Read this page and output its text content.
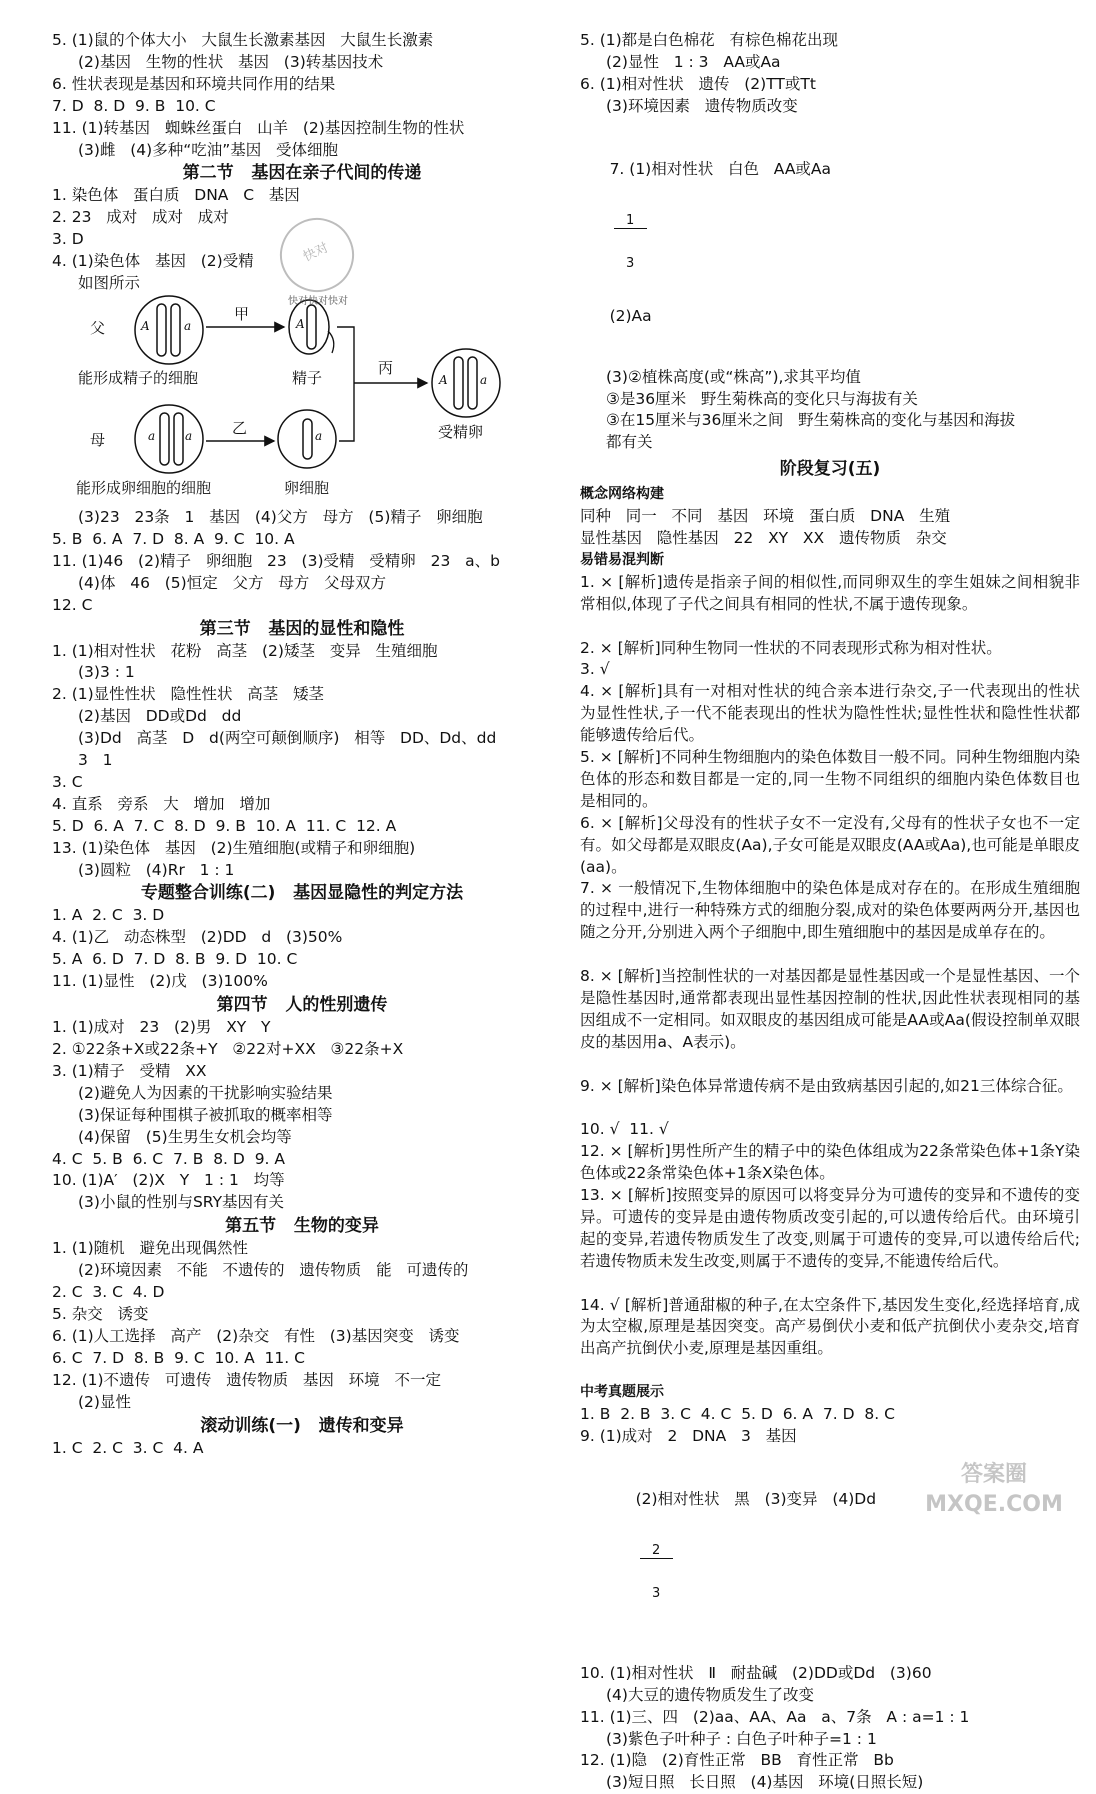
5. (1)鼠的个体大小   大鼠生长激素基因   大鼠生长激素
(2)基因   生物的性状   基因   (3)转基因技术
6. 性状表现是基因和环境共同作用的结果
7. D  8. D  9. B  10. C
11. (1)转基因   蜘蛛丝蛋白   山羊   (2)基因控制生物的性状
(3)雌   (4)多种“吃油”基因   受体细胞
第二节   基因在亲子代间的传递
1. 染色体   蛋白质   DNA   C   基因
2. 23   成对   成对   成对
3. D
4. (1)染色体   基因   (2)受精
如图所示
父
母
甲
乙
丙
A	a	A
a a	a
A	a
能形成精子的细胞	精子
受精卵
能形成卵细胞的细胞	卵细胞
(3)23   23条   1   基因   (4)父方   母方   (5)精子   卵细胞
5. B  6. A  7. D  8. A  9. C  10. A
11. (1)46   (2)精子   卵细胞   23   (3)受精   受精卵   23   a、b
(4)体   46   (5)恒定   父方   母方   父母双方
12. C
第三节   基因的显性和隐性
1. (1)相对性状   花粉   高茎   (2)矮茎   变异   生殖细胞
(3)3 : 1
2. (1)显性性状   隐性性状   高茎   矮茎
(2)基因   DD或Dd   dd
(3)Dd   高茎   D   d(两空可颠倒顺序)   相等   DD、Dd、dd
3   1
3. C
4. 直系   旁系   大   增加   增加
5. D  6. A  7. C  8. D  9. B  10. A  11. C  12. A
13. (1)染色体   基因   (2)生殖细胞(或精子和卵细胞)
(3)圆粒   (4)Rr   1 : 1
专题整合训练(二)   基因显隐性的判定方法
1. A  2. C  3. D
4. (1)乙   动态株型   (2)DD   d   (3)50%
5. A  6. D  7. D  8. B  9. D  10. C
11. (1)显性   (2)戊   (3)100%
第四节   人的性别遗传
1. (1)成对   23   (2)男   XY   Y
2. ①22条+X或22条+Y   ②22对+XX   ③22条+X
3. (1)精子   受精   XX
(2)避免人为因素的干扰影响实验结果
(3)保证每种围棋子被抓取的概率相等
(4)保留   (5)生男生女机会均等
4. C  5. B  6. C  7. B  8. D  9. A
10. (1)A′   (2)X   Y   1 : 1   均等
(3)小鼠的性别与SRY基因有关
第五节   生物的变异
1. (1)随机   避免出现偶然性
(2)环境因素   不能   不遗传的   遗传物质   能   可遗传的
2. C  3. C  4. D
5. 杂交   诱变
6. (1)人工选择   高产   (2)杂交   有性   (3)基因突变   诱变
6. C  7. D  8. B  9. C  10. A  11. C
12. (1)不遗传   可遗传   遗传物质   基因   环境   不一定
(2)显性
滚动训练(一)   遗传和变异
1. C  2. C  3. C  4. A
快对
快对快对快对
5. (1)都是白色棉花   有棕色棉花出现
(2)显性   1 : 3   AA或Aa
6. (1)相对性状   遗传   (2)TT或Tt
(3)环境因素   遗传物质改变

7. (1)相对性状   白色   AA或Aa

$\frac{1}{3}$

(2)Aa

(3)②植株高度(或“株高”),求其平均值
③是36厘米   野生菊株高的变化只与海拔有关
③在15厘米与36厘米之间   野生菊株高的变化与基因和海拔
都有关
阶段复习(五)
概念网络构建
同种   同一   不同   基因   环境   蛋白质   DNA   生殖
显性基因   隐性基因   22   XY   XX   遗传物质   杂交
易错易混判断
1. × [解析]遗传是指亲子间的相似性,而同卵双生的孪生姐妹之间相貌非常相似,体现了子代之间具有相同的性状,不属于遗传现象。
2. × [解析]同种生物同一性状的不同表现形式称为相对性状。
3. √
4. × [解析]具有一对相对性状的纯合亲本进行杂交,子一代表现出的性状为显性性状,子一代不能表现出的性状为隐性性状;显性性状和隐性性状都能够遗传给后代。
5. × [解析]不同种生物细胞内的染色体数目一般不同。同种生物细胞内染色体的形态和数目都是一定的,同一生物不同组织的细胞内染色体数目也是相同的。
6. × [解析]父母没有的性状子女不一定没有,父母有的性状子女也不一定有。如父母都是双眼皮(Aa),子女可能是双眼皮(AA或Aa),也可能是单眼皮(aa)。
7. × 一般情况下,生物体细胞中的染色体是成对存在的。在形成生殖细胞的过程中,进行一种特殊方式的细胞分裂,成对的染色体要两两分开,基因也随之分开,分别进入两个子细胞中,即生殖细胞中的基因是成单存在的。
8. × [解析]当控制性状的一对基因都是显性基因或一个是显性基因、一个是隐性基因时,通常都表现出显性基因控制的性状,因此性状表现相同的基因组成不一定相同。如双眼皮的基因组成可能是AA或Aa(假设控制单双眼皮的基因用a、A表示)。
9. × [解析]染色体异常遗传病不是由致病基因引起的,如21三体综合征。
10. √  11. √
12. × [解析]男性所产生的精子中的染色体组成为22条常染色体+1条Y染色体或22条常染色体+1条X染色体。
13. × [解析]按照变异的原因可以将变异分为可遗传的变异和不遗传的变异。可遗传的变异是由遗传物质改变引起的,可以遗传给后代。由环境引起的变异,若遗传物质发生了改变,则属于可遗传的变异,可以遗传给后代;若遗传物质未发生改变,则属于不遗传的变异,不能遗传给后代。
14. √ [解析]普通甜椒的种子,在太空条件下,基因发生变化,经选择培育,成为太空椒,原理是基因突变。高产易倒伏小麦和低产抗倒伏小麦杂交,培育出高产抗倒伏小麦,原理是基因重组。
中考真题展示
1. B  2. B  3. C  4. C  5. D  6. A  7. D  8. C
9. (1)成对   2   DNA   3   基因

(2)相对性状   黑   (3)变异   (4)Dd

$\frac{2}{3}$

10. (1)相对性状   Ⅱ   耐盐碱   (2)DD或Dd   (3)60
(4)大豆的遗传物质发生了改变
11. (1)三、四   (2)aa、AA、Aa   a、7条   A : a=1 : 1
(3)紫色子叶种子 : 白色子叶种子=1 : 1
12. (1)隐   (2)育性正常   BB   育性正常   Bb
(3)短日照   长日照   (4)基因   环境(日照长短)
答案圈 MXQE.COM
